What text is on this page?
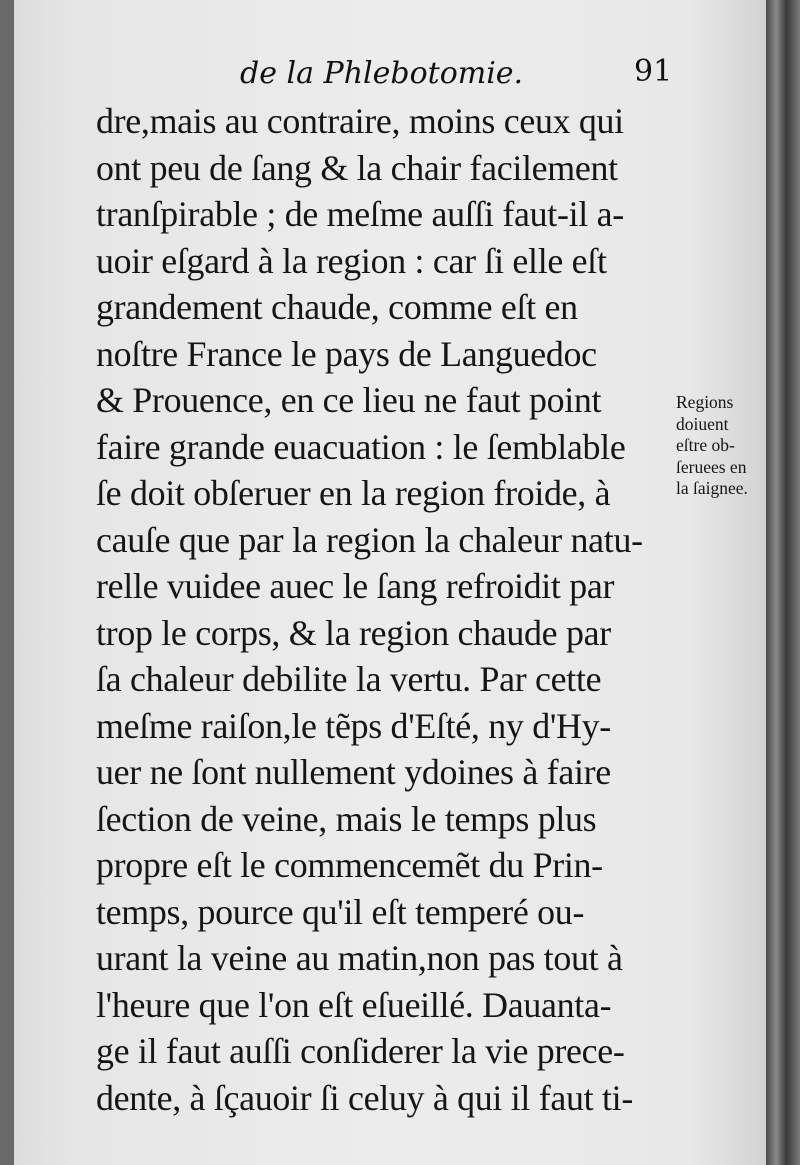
de la Phlebotomie.	91
dre,mais au contraire, moins ceux qui
ont peu de ſang & la chair facilement
tranſpirable ; de meſme auſſi faut-il a-
uoir eſgard à la region : car ſi elle eſt
grandement chaude, comme eſt en
noſtre France le pays de Languedoc
& Prouence, en ce lieu ne faut point
faire grande euacuation : le ſemblable
ſe doit obſeruer en la region froide, à
cauſe que par la region la chaleur natu-
relle vuidee auec le ſang refroidit par
trop le corps, & la region chaude par
ſa chaleur debilite la vertu. Par cette
meſme raiſon,le tẽps d'Eſté, ny d'Hy-
uer ne ſont nullement ydoines à faire
ſection de veine, mais le temps plus
propre eſt le commencemẽt du Prin-
temps, pource qu'il eſt temperé ou-
urant la veine au matin,non pas tout à
l'heure que l'on eſt eſueillé. Dauanta-
ge il faut auſſi conſiderer la vie prece-
dente, à ſçauoir ſi celuy à qui il faut ti-
Regions
doiuent
eſtre ob-
ſeruees en
la ſaignee.
